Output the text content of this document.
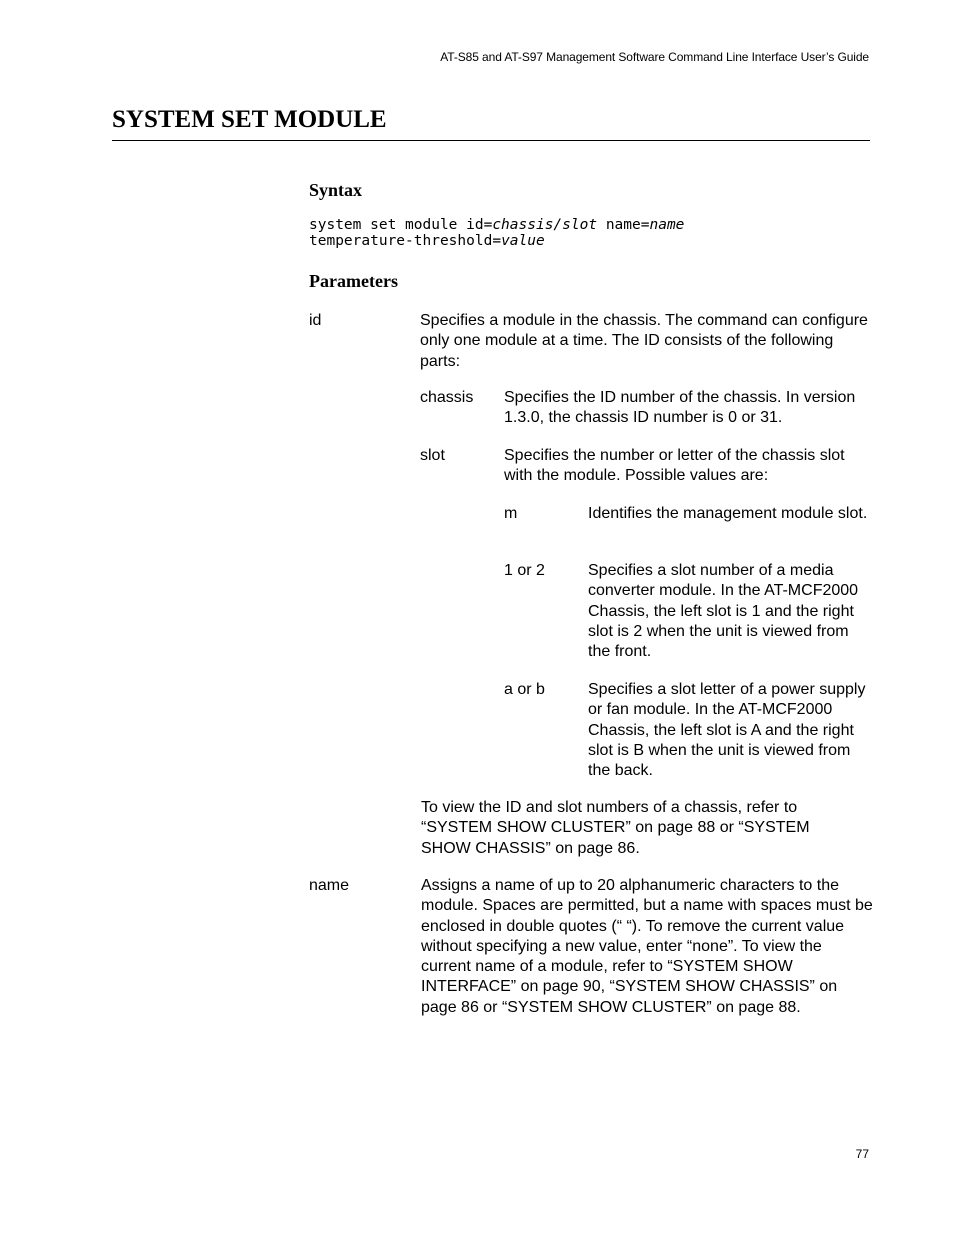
AT-S85 and AT-S97 Management Software Command Line Interface User’s Guide
SYSTEM SET MODULE
Syntax
system set module id=chassis/slot name=name
temperature-threshold=value
Parameters
id	Specifies a module in the chassis. The command can configure only one module at a time. The ID consists of the following parts:
chassis Specifies the ID number of the chassis. In version 1.3.0, the chassis ID number is 0 or 31.
slot	Specifies the number or letter of the chassis slot with the module. Possible values are:
m	Identifies the management module slot.
1 or 2	Specifies a slot number of a media converter module. In the AT-MCF2000 Chassis, the left slot is 1 and the right slot is 2 when the unit is viewed from the front.
a or b	Specifies a slot letter of a power supply or fan module. In the AT-MCF2000 Chassis, the left slot is A and the right slot is B when the unit is viewed from the back.
To view the ID and slot numbers of a chassis, refer to “SYSTEM SHOW CLUSTER” on page 88 or “SYSTEM SHOW CHASSIS” on page 86.
name	Assigns a name of up to 20 alphanumeric characters to the module. Spaces are permitted, but a name with spaces must be enclosed in double quotes (“ “). To remove the current value without specifying a new value, enter “none”. To view the current name of a module, refer to “SYSTEM SHOW INTERFACE” on page 90, “SYSTEM SHOW CHASSIS” on page 86 or “SYSTEM SHOW CLUSTER” on page 88.
77
